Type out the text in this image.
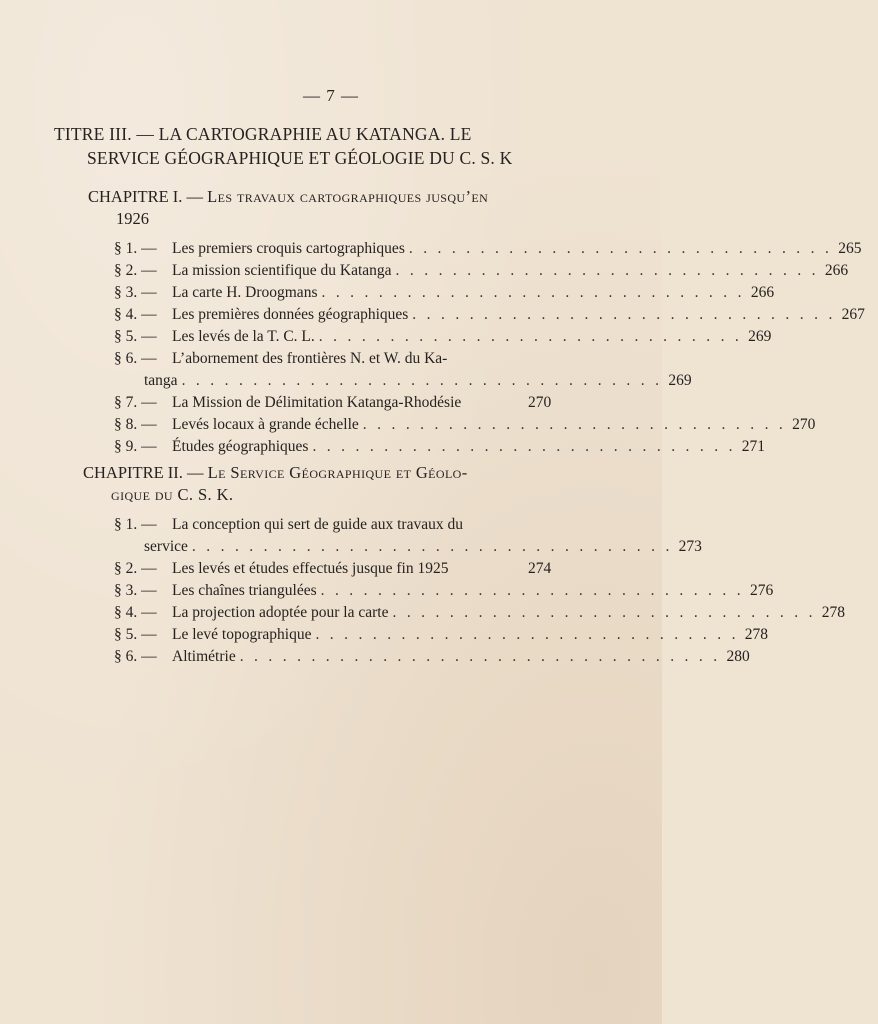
— 7 —
TITRE III. — LA CARTOGRAPHIE AU KATANGA. LE
SERVICE GÉOGRAPHIQUE ET GÉOLOGIE DU C. S. K
CHAPITRE I. — Les travaux cartographiques jusqu’en
1926
§ 1. — Les premiers croquis cartographiques . . . . . . . . . . . . . . . . . . . . . . . . . . . . . . 265
§ 2. — La mission scientifique du Katanga . . . . . . . . . . . . . . . . . . . . . . . . . . . . . . 266
§ 3. — La carte H. Droogmans . . . . . . . . . . . . . . . . . . . . . . . . . . . . . . 266
§ 4. — Les premières données géographiques . . . . . . . . . . . . . . . . . . . . . . . . . . . . . . 267
§ 5. — Les levés de la T. C. L. . . . . . . . . . . . . . . . . . . . . . . . . . . . . . . 269
§ 6. — L’abornement des frontières N. et W. du Ka-
tanga . . . . . . . . . . . . . . . . . . . . . . . . . . . . . . . . . . 269
§ 7. — La Mission de Délimitation Katanga-Rhodésie	270
§ 8. — Levés locaux à grande échelle . . . . . . . . . . . . . . . . . . . . . . . . . . . . . . 270
§ 9. — Études géographiques . . . . . . . . . . . . . . . . . . . . . . . . . . . . . . 271
CHAPITRE II. — Le Service Géographique et Géolo-
gique du C. S. K.
§ 1. — La conception qui sert de guide aux travaux du
service . . . . . . . . . . . . . . . . . . . . . . . . . . . . . . . . . . 273
§ 2. — Les levés et études effectués jusque fin 1925	274
§ 3. — Les chaînes triangulées . . . . . . . . . . . . . . . . . . . . . . . . . . . . . . 276
§ 4. — La projection adoptée pour la carte . . . . . . . . . . . . . . . . . . . . . . . . . . . . . . 278
§ 5. — Le levé topographique . . . . . . . . . . . . . . . . . . . . . . . . . . . . . . 278
§ 6. — Altimétrie . . . . . . . . . . . . . . . . . . . . . . . . . . . . . . . . . . 280
